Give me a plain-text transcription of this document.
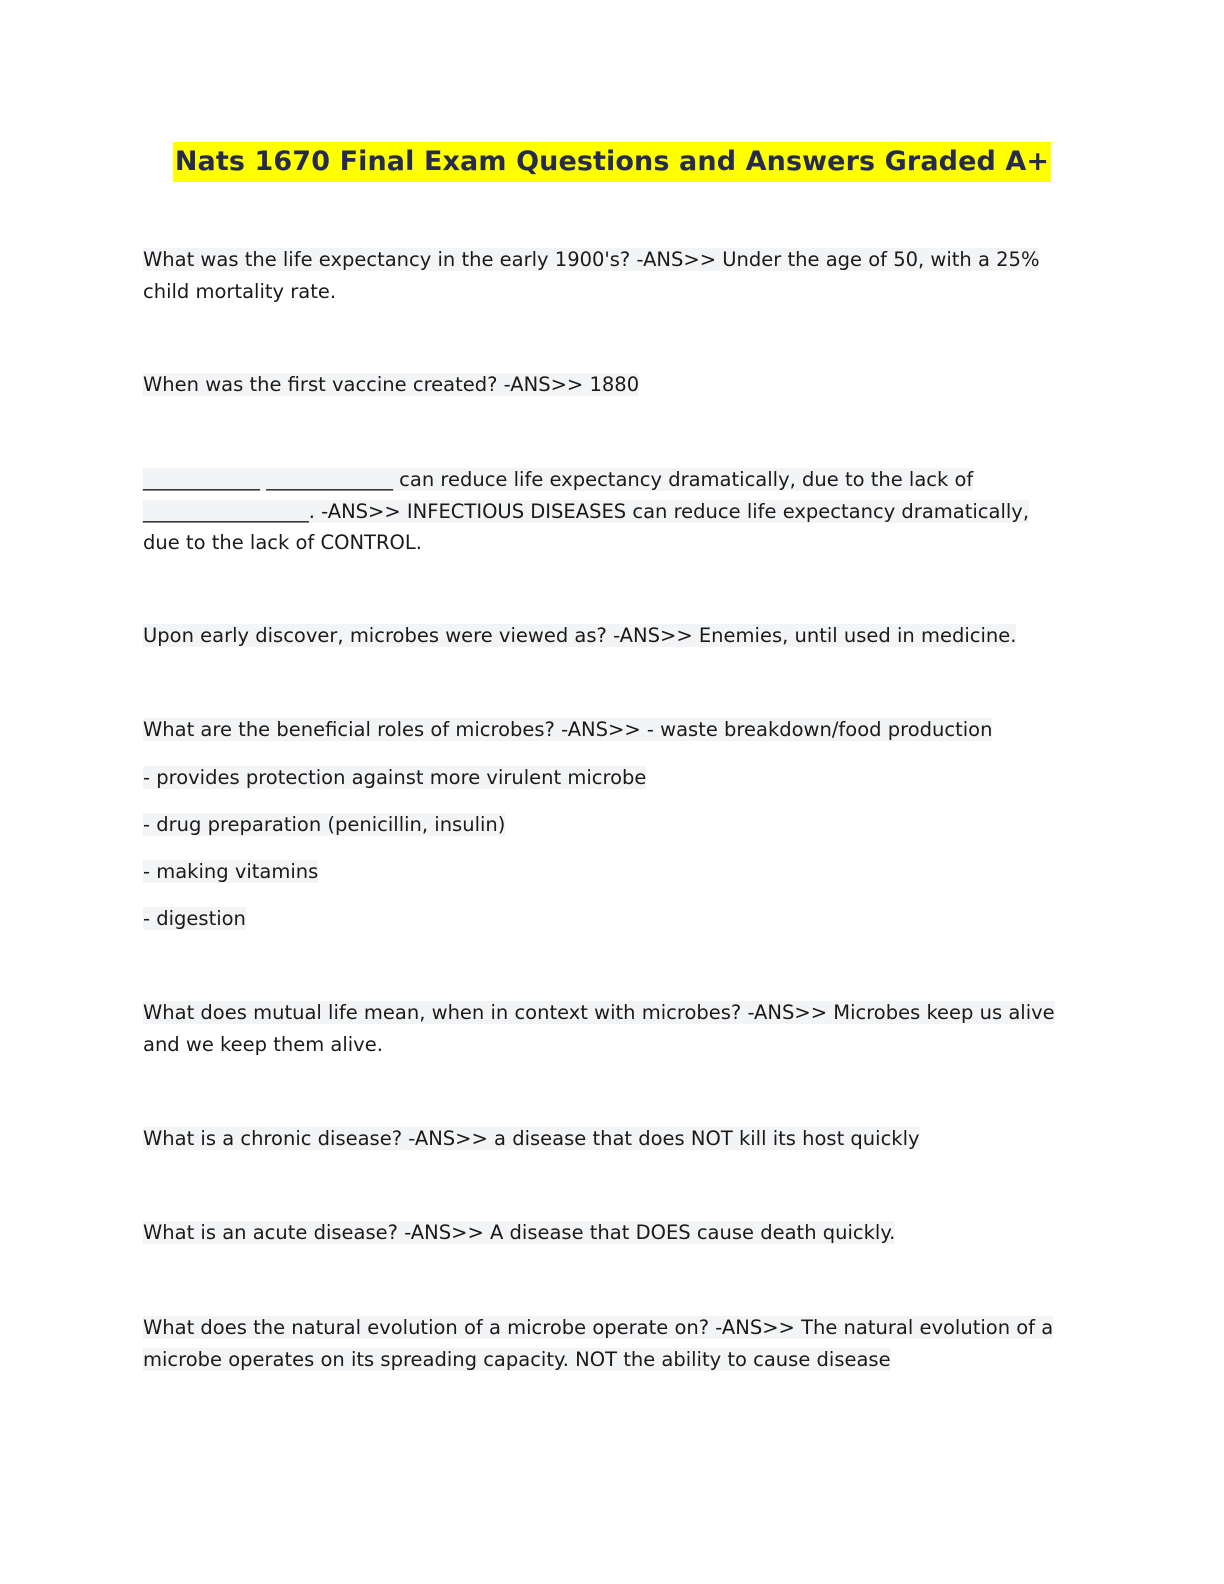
Nats 1670 Final Exam Questions and Answers Graded A+
What was the life expectancy in the early 1900's? -ANS>> Under the age of 50, with a 25%
child mortality rate.
When was the first vaccine created? -ANS>> 1880
____________ _____________ can reduce life expectancy dramatically, due to the lack of
_________________. -ANS>> INFECTIOUS DISEASES can reduce life expectancy dramatically,
due to the lack of CONTROL.
Upon early discover, microbes were viewed as? -ANS>> Enemies, until used in medicine.
What are the beneficial roles of microbes? -ANS>> - waste breakdown/food production
- provides protection against more virulent microbe
- drug preparation (penicillin, insulin)
- making vitamins
- digestion
What does mutual life mean, when in context with microbes? -ANS>> Microbes keep us alive
and we keep them alive.
What is a chronic disease? -ANS>> a disease that does NOT kill its host quickly
What is an acute disease? -ANS>> A disease that DOES cause death quickly.
What does the natural evolution of a microbe operate on? -ANS>> The natural evolution of a
microbe operates on its spreading capacity. NOT the ability to cause disease
